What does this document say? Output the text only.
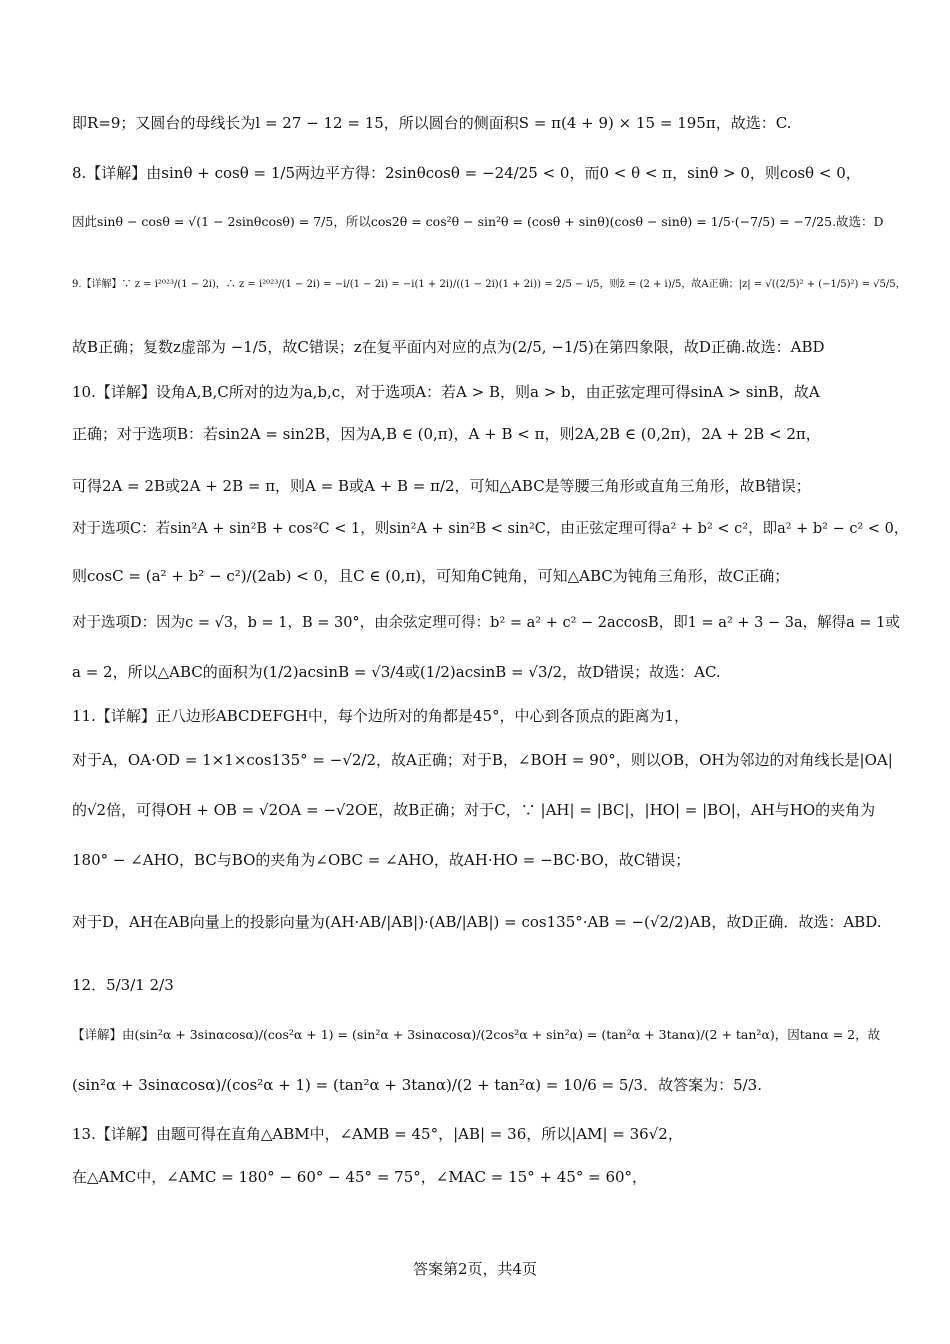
即R=9；又圆台的母线长为l = 27 − 12 = 15，所以圆台的侧面积S = π(4 + 9) × 15 = 195π，故选：C.
8.【详解】由sinθ + cosθ = 1/5两边平方得：2sinθcosθ = −24/25 < 0，而0 < θ < π，sinθ > 0，则cosθ < 0，
因此sinθ − cosθ = √(1 − 2sinθcosθ) = 7/5，所以cos2θ = cos²θ − sin²θ = (cosθ + sinθ)(cosθ − sinθ) = 1/5·(−7/5) = −7/25.故选：D
9.【详解】∵ z = i²⁰²³/(1 − 2i)，∴ z = i²⁰²³/(1 − 2i) = −i/(1 − 2i) = −i(1 + 2i)/((1 − 2i)(1 + 2i)) = 2/5 − i/5，则z̄ = (2 + i)/5，故A正确；|z| = √((2/5)² + (−1/5)²) = √5/5，
故B正确；复数z虚部为 −1/5，故C错误；z在复平面内对应的点为(2/5, −1/5)在第四象限，故D正确.故选：ABD
10.【详解】设角A,B,C所对的边为a,b,c，对于选项A：若A > B，则a > b，由正弦定理可得sinA > sinB，故A
正确；对于选项B：若sin2A = sin2B，因为A,B ∈ (0,π)，A + B < π，则2A,2B ∈ (0,2π)，2A + 2B < 2π，
可得2A = 2B或2A + 2B = π，则A = B或A + B = π/2，可知△ABC是等腰三角形或直角三角形，故B错误；
对于选项C：若sin²A + sin²B + cos²C < 1，则sin²A + sin²B < sin²C，由正弦定理可得a² + b² < c²，即a² + b² − c² < 0，
则cosC = (a² + b² − c²)/(2ab) < 0，且C ∈ (0,π)，可知角C钝角，可知△ABC为钝角三角形，故C正确；
对于选项D：因为c = √3，b = 1，B = 30°，由余弦定理可得：b² = a² + c² − 2accosB，即1 = a² + 3 − 3a，解得a = 1或
a = 2，所以△ABC的面积为(1/2)acsinB = √3/4或(1/2)acsinB = √3/2，故D错误；故选：AC.
11.【详解】正八边形ABCDEFGH中，每个边所对的角都是45°，中心到各顶点的距离为1，
对于A，OA·OD = 1×1×cos135° = −√2/2，故A正确；对于B，∠BOH = 90°，则以OB，OH为邻边的对角线长是|OA|
的√2倍，可得OH + OB = √2OA = −√2OE，故B正确；对于C，∵ |AH| = |BC|，|HO| = |BO|，AH与HO的夹角为
180° − ∠AHO，BC与BO的夹角为∠OBC = ∠AHO，故AH·HO = −BC·BO，故C错误；
对于D，AH在AB向量上的投影向量为(AH·AB/|AB|)·(AB/|AB|) = cos135°·AB = −(√2/2)AB，故D正确．故选：ABD.
12．5/3/1 2/3
【详解】由(sin²α + 3sinαcosα)/(cos²α + 1) = (sin²α + 3sinαcosα)/(2cos²α + sin²α) = (tan²α + 3tanα)/(2 + tan²α)，因tanα = 2，故
(sin²α + 3sinαcosα)/(cos²α + 1) = (tan²α + 3tanα)/(2 + tan²α) = 10/6 = 5/3．故答案为：5/3.
13.【详解】由题可得在直角△ABM中，∠AMB = 45°，|AB| = 36，所以|AM| = 36√2，
在△AMC中，∠AMC = 180° − 60° − 45° = 75°，∠MAC = 15° + 45° = 60°，
答案第2页，共4页
